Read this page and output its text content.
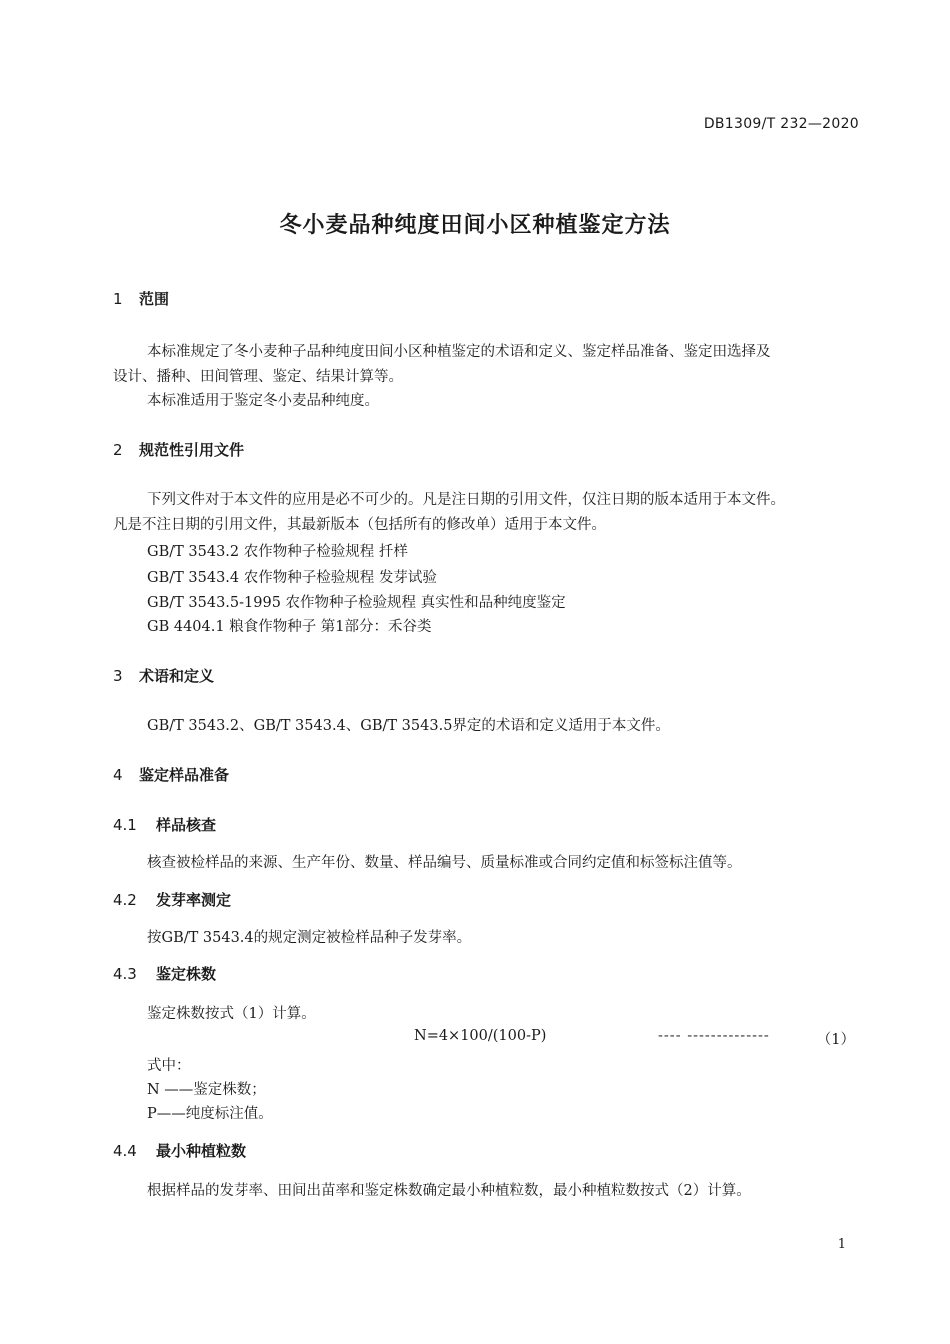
DB1309/T 232—2020
冬小麦品种纯度田间小区种植鉴定方法
1 范围
本标准规定了冬小麦种子品种纯度田间小区种植鉴定的术语和定义、鉴定样品准备、鉴定田选择及
设计、播种、田间管理、鉴定、结果计算等。
本标准适用于鉴定冬小麦品种纯度。
2 规范性引用文件
下列文件对于本文件的应用是必不可少的。凡是注日期的引用文件，仅注日期的版本适用于本文件。
凡是不注日期的引用文件，其最新版本（包括所有的修改单）适用于本文件。
GB/T 3543.2 农作物种子检验规程 扦样
GB/T 3543.4 农作物种子检验规程 发芽试验
GB/T 3543.5-1995 农作物种子检验规程 真实性和品种纯度鉴定
GB 4404.1 粮食作物种子 第1部分：禾谷类
3 术语和定义
GB/T 3543.2、GB/T 3543.4、GB/T 3543.5界定的术语和定义适用于本文件。
4 鉴定样品准备
4.1 样品核查
核查被检样品的来源、生产年份、数量、样品编号、质量标准或合同约定值和标签标注值等。
4.2 发芽率测定
按GB/T 3543.4的规定测定被检样品种子发芽率。
4.3 鉴定株数
鉴定株数按式（1）计算。
N=4×100/(100-P)	---- --------------	（1）
式中：
N ——鉴定株数；
P——纯度标注值。
4.4 最小种植粒数
根据样品的发芽率、田间出苗率和鉴定株数确定最小种植粒数，最小种植粒数按式（2）计算。
1
